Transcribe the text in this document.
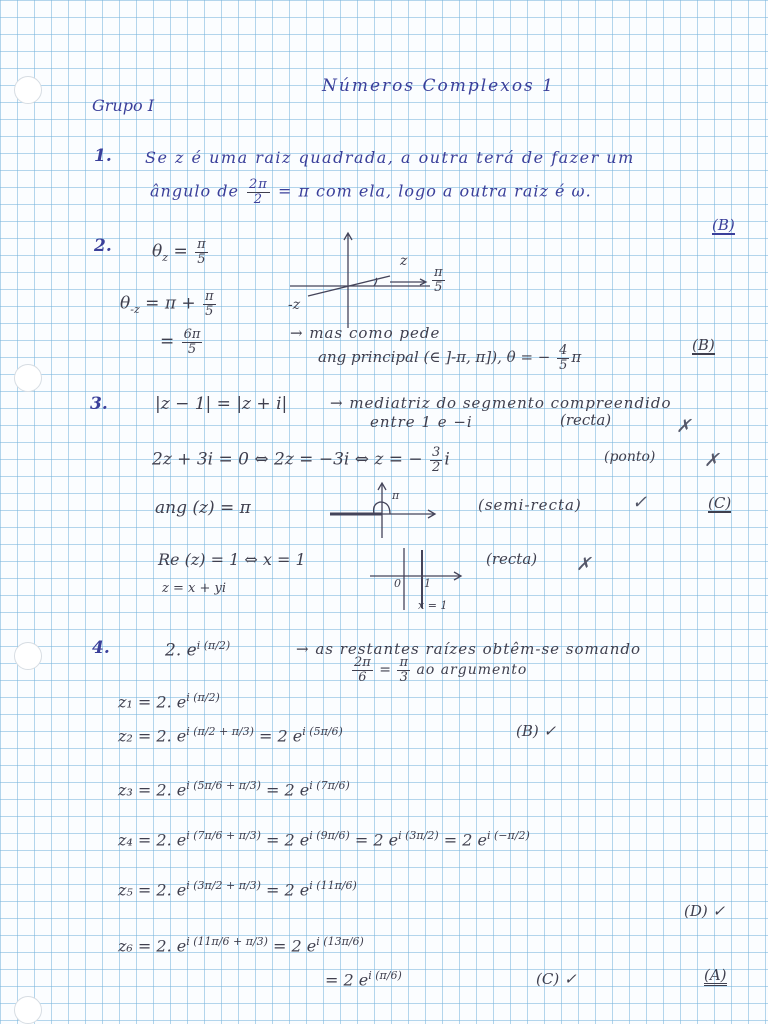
Números Complexos 1
Grupo I
1. Se z é uma raiz quadrada, a outra terá de fazer um
ângulo de $\frac{2\pi}{2} = \pi$ com ela, logo a outra raiz é ω.
(B)
2. $\theta_z = \frac{\pi}{5}$
$\theta_{-z} = \pi + \frac{\pi}{5}$
= $\frac{6\pi}{5}$
z
-z
$\frac{\pi}{5}$
→ mas como pede
ang principal (∈ ]-π, π]), θ = − $\frac{4}{5}$ π
(B)
3.	|z − 1| = |z + i|	→ mediatriz do segmento compreendido
entre 1 e −i	(recta)	✗
2z + 3i = 0 ⇔ 2z = −3i ⇔ z = − $\frac{3}{2}$ i	(ponto)	✗
ang (z) = π
π
(semi-recta)	✓	(C)
Re (z) = 1 ⇔ x = 1
z = x + yi	0 1
x = 1
(recta) ✗
4.	2. $e^{i (\pi/2)}$	→ as restantes raízes obtêm-se somando
$\frac{2\pi}{6} = \frac{\pi}{3}$ ao argumento
z₁ = 2. $e^{i (\pi/2)}$
z₂ = 2. $e^{i (\pi/2 + \pi/3)} = 2$ $e^{i (5\pi/6)}$	(B) ✓
z₃ = 2. $e^{i (5\pi/6 + \pi/3)} = 2$ $e^{i (7\pi/6)}$
z₄ = 2. $e^{i (7\pi/6 + \pi/3)} = 2$ $e^{i (9\pi/6)} = 2$ $e^{i (3\pi/2)} = 2$ $e^{i (-\pi/2)}$
z₅ = 2. $e^{i (3\pi/2 + \pi/3)} = 2$ $e^{i (11\pi/6)}$
(D) ✓
z₆ = 2. $e^{i (11\pi/6 + \pi/3)} = 2$ $e^{i (13\pi/6)}$
= 2 $e^{i (\pi/6)}$	(C) ✓	(A)
